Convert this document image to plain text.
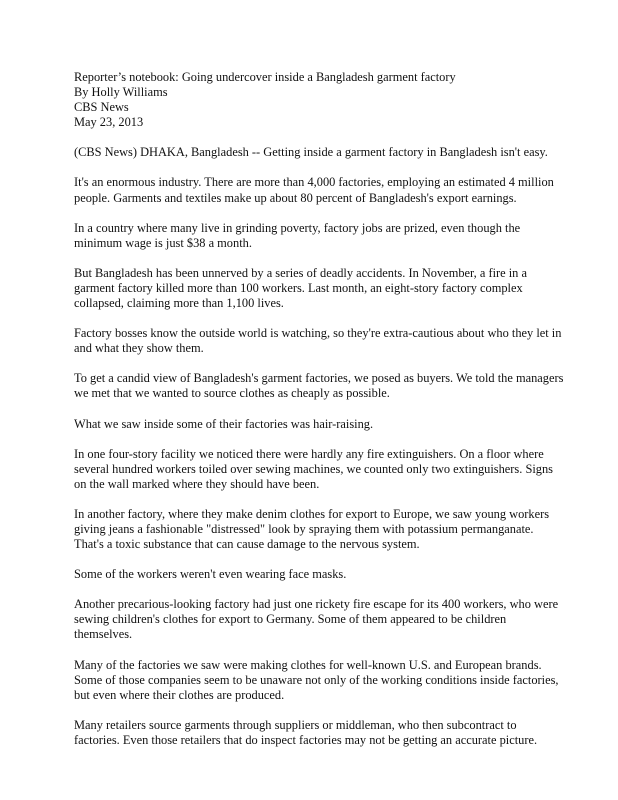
Reporter’s notebook: Going undercover inside a Bangladesh garment factory
By Holly Williams
CBS News
May 23, 2013

(CBS News) DHAKA, Bangladesh -- Getting inside a garment factory in Bangladesh isn't easy.

It's an enormous industry. There are more than 4,000 factories, employing an estimated 4 million people. Garments and textiles make up about 80 percent of Bangladesh's export earnings.

In a country where many live in grinding poverty, factory jobs are prized, even though the minimum wage is just $38 a month.

But Bangladesh has been unnerved by a series of deadly accidents. In November, a fire in a garment factory killed more than 100 workers. Last month, an eight-story factory complex collapsed, claiming more than 1,100 lives.

Factory bosses know the outside world is watching, so they're extra-cautious about who they let in and what they show them.

To get a candid view of Bangladesh's garment factories, we posed as buyers. We told the managers we met that we wanted to source clothes as cheaply as possible.

What we saw inside some of their factories was hair-raising.

In one four-story facility we noticed there were hardly any fire extinguishers. On a floor where several hundred workers toiled over sewing machines, we counted only two extinguishers. Signs on the wall marked where they should have been.

In another factory, where they make denim clothes for export to Europe, we saw young workers giving jeans a fashionable "distressed" look by spraying them with potassium permanganate. That's a toxic substance that can cause damage to the nervous system.

Some of the workers weren't even wearing face masks.

Another precarious-looking factory had just one rickety fire escape for its 400 workers, who were sewing children's clothes for export to Germany. Some of them appeared to be children themselves.

Many of the factories we saw were making clothes for well-known U.S. and European brands. Some of those companies seem to be unaware not only of the working conditions inside factories, but even where their clothes are produced.

Many retailers source garments through suppliers or middleman, who then subcontract to factories. Even those retailers that do inspect factories may not be getting an accurate picture.
